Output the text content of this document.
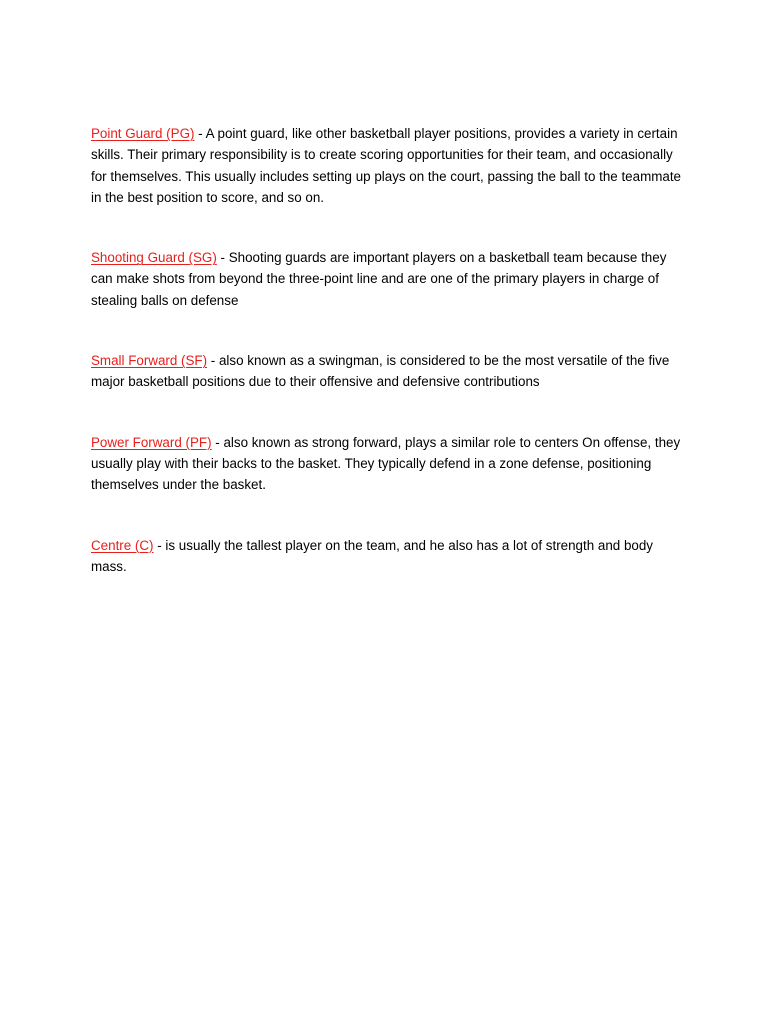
Point Guard (PG) - A point guard, like other basketball player positions, provides a variety in certain skills. Their primary responsibility is to create scoring opportunities for their team, and occasionally for themselves. This usually includes setting up plays on the court, passing the ball to the teammate in the best position to score, and so on.

Shooting Guard (SG) - Shooting guards are important players on a basketball team because they can make shots from beyond the three-point line and are one of the primary players in charge of stealing balls on defense

Small Forward (SF) - also known as a swingman, is considered to be the most versatile of the five major basketball positions due to their offensive and defensive contributions

Power Forward (PF) - also known as strong forward, plays a similar role to centers On offense, they usually play with their backs to the basket. They typically defend in a zone defense, positioning themselves under the basket.

Centre (C) - is usually the tallest player on the team, and he also has a lot of strength and body mass.
